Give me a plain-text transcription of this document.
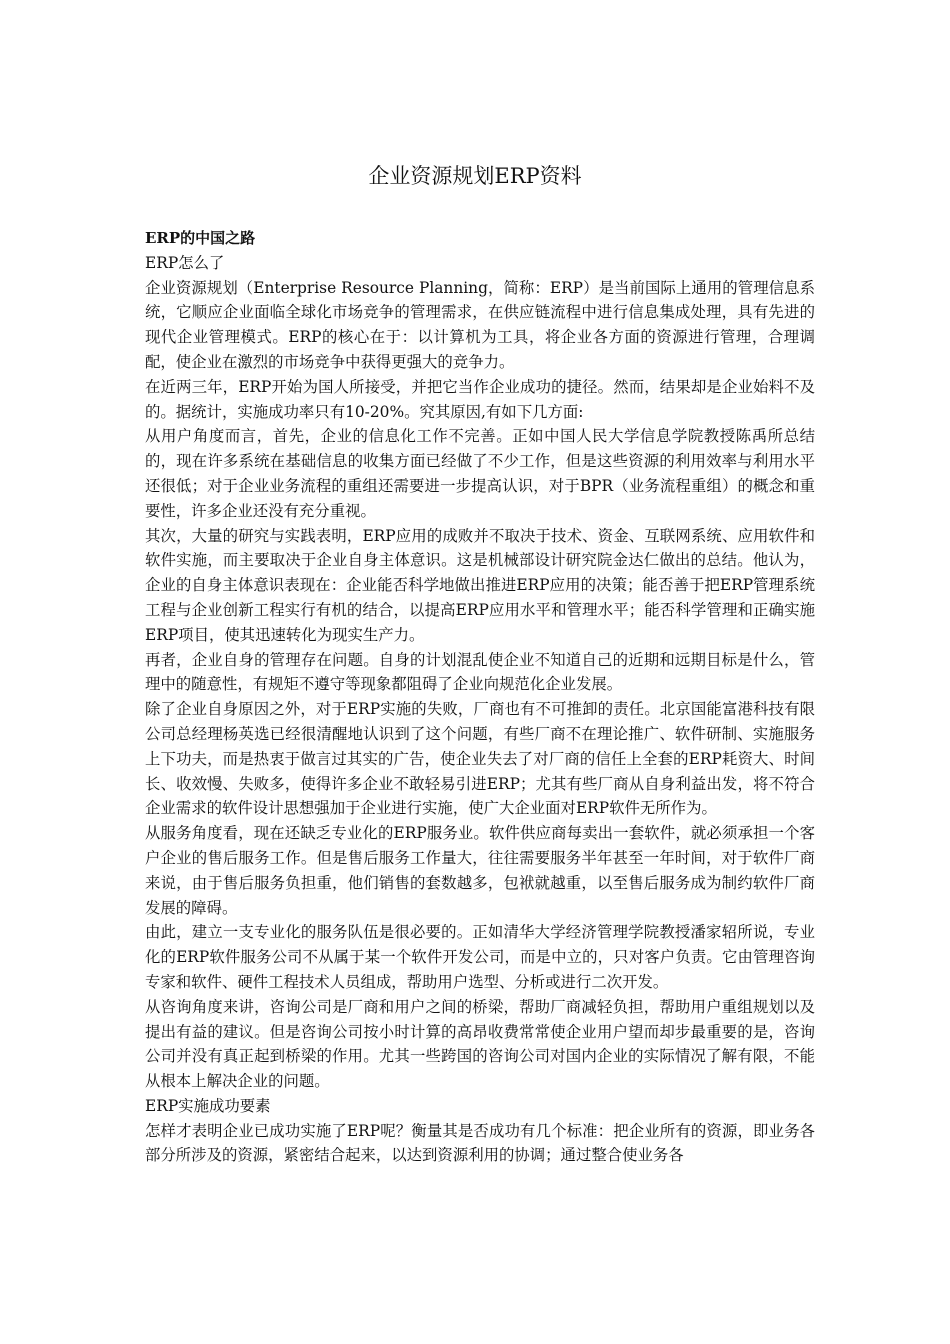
企业资源规划ERP资料

ERP的中国之路

ERP怎么了

企业资源规划（Enterprise Resource Planning，简称：ERP）是当前国际上通用的管理信息系统，它顺应企业面临全球化市场竞争的管理需求，在供应链流程中进行信息集成处理，具有先进的现代企业管理模式。ERP的核心在于：以计算机为工具，将企业各方面的资源进行管理，合理调配，使企业在激烈的市场竞争中获得更强大的竞争力。

在近两三年，ERP开始为国人所接受，并把它当作企业成功的捷径。然而，结果却是企业始料不及的。据统计，实施成功率只有10-20%。究其原因,有如下几方面:

从用户角度而言，首先，企业的信息化工作不完善。正如中国人民大学信息学院教授陈禹所总结的，现在许多系统在基础信息的收集方面已经做了不少工作，但是这些资源的利用效率与利用水平还很低；对于企业业务流程的重组还需要进一步提高认识，对于BPR（业务流程重组）的概念和重要性，许多企业还没有充分重视。

其次，大量的研究与实践表明，ERP应用的成败并不取决于技术、资金、互联网系统、应用软件和软件实施，而主要取决于企业自身主体意识。这是机械部设计研究院金达仁做出的总结。他认为，企业的自身主体意识表现在：企业能否科学地做出推进ERP应用的决策；能否善于把ERP管理系统工程与企业创新工程实行有机的结合，以提高ERP应用水平和管理水平；能否科学管理和正确实施ERP项目，使其迅速转化为现实生产力。

再者，企业自身的管理存在问题。自身的计划混乱使企业不知道自己的近期和远期目标是什么，管理中的随意性，有规矩不遵守等现象都阻碍了企业向规范化企业发展。

除了企业自身原因之外，对于ERP实施的失败，厂商也有不可推卸的责任。北京国能富港科技有限公司总经理杨英选已经很清醒地认识到了这个问题，有些厂商不在理论推广、软件研制、实施服务上下功夫，而是热衷于做言过其实的广告，使企业失去了对厂商的信任上全套的ERP耗资大、时间长、收效慢、失败多，使得许多企业不敢轻易引进ERP；尤其有些厂商从自身利益出发，将不符合企业需求的软件设计思想强加于企业进行实施，使广大企业面对ERP软件无所作为。

从服务角度看，现在还缺乏专业化的ERP服务业。软件供应商每卖出一套软件，就必须承担一个客户企业的售后服务工作。但是售后服务工作量大，往往需要服务半年甚至一年时间，对于软件厂商来说，由于售后服务负担重，他们销售的套数越多，包袱就越重，以至售后服务成为制约软件厂商发展的障碍。

由此，建立一支专业化的服务队伍是很必要的。正如清华大学经济管理学院教授潘家轺所说，专业化的ERP软件服务公司不从属于某一个软件开发公司，而是中立的，只对客户负责。它由管理咨询专家和软件、硬件工程技术人员组成，帮助用户选型、分析或进行二次开发。

从咨询角度来讲，咨询公司是厂商和用户之间的桥梁，帮助厂商减轻负担，帮助用户重组规划以及提出有益的建议。但是咨询公司按小时计算的高昂收费常常使企业用户望而却步最重要的是，咨询公司并没有真正起到桥梁的作用。尤其一些跨国的咨询公司对国内企业的实际情况了解有限，不能从根本上解决企业的问题。

ERP实施成功要素

怎样才表明企业已成功实施了ERP呢？衡量其是否成功有几个标准：把企业所有的资源，即业务各部分所涉及的资源，紧密结合起来，以达到资源利用的协调；通过整合使业务各
